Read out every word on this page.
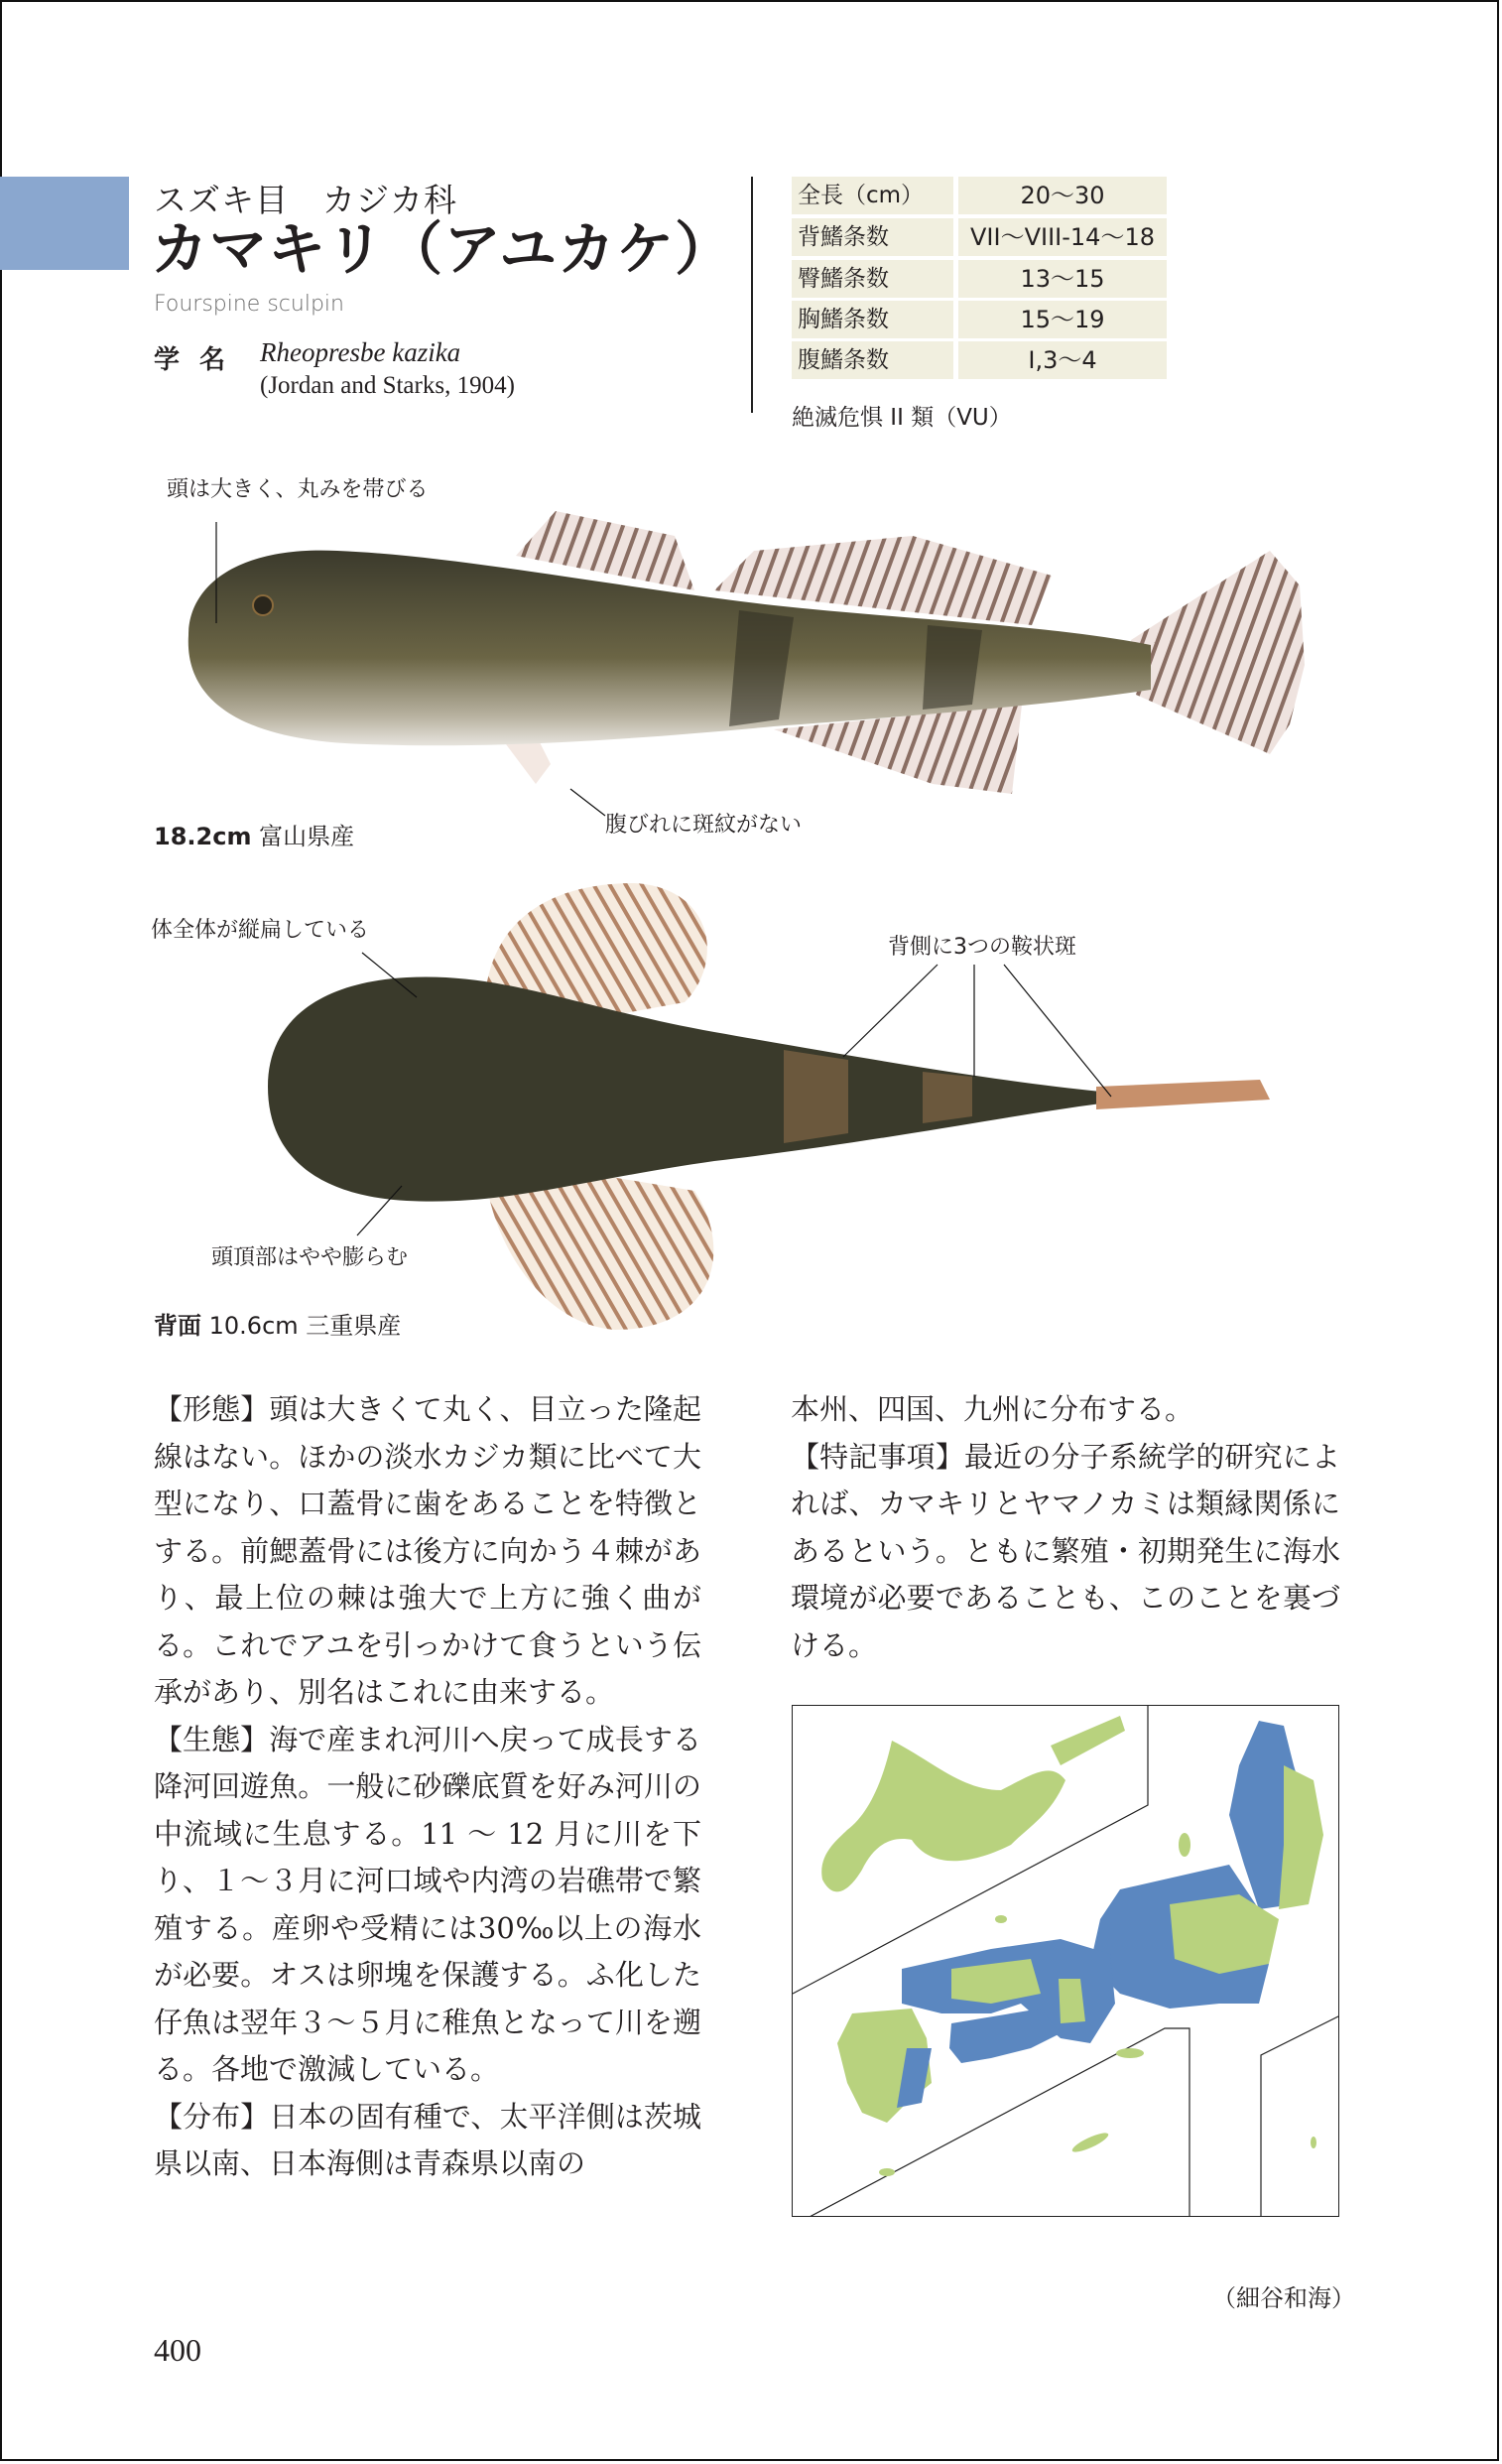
スズキ目　カジカ科
カマキリ（アユカケ）
Fourspine sculpin
学名 Rheopresbe kazika
(Jordan and Starks, 1904)
全長（cm）	20〜30
背鰭条数	VII〜VIII-14〜18
臀鰭条数	13〜15
胸鰭条数	15〜19
腹鰭条数	I,3〜4
絶滅危惧 II 類（VU）
頭は大きく、丸みを帯びる
腹びれに斑紋がない
18.2cm 富山県産
体全体が縦扁している
背側に3つの鞍状斑
頭頂部はやや膨らむ
背面 10.6cm 三重県産
【形態】頭は大きくて丸く、目立った隆起線はない。ほかの淡水カジカ類に比べて大型になり、口蓋骨に歯をあることを特徴とする。前鰓蓋骨には後方に向かう４棘があり、最上位の棘は強大で上方に強く曲がる。これでアユを引っかけて食うという伝承があり、別名はこれに由来する。
【生態】海で産まれ河川へ戻って成長する降河回遊魚。一般に砂礫底質を好み河川の中流域に生息する。11 〜 12 月に川を下り、１〜３月に河口域や内湾の岩礁帯で繁殖する。産卵や受精には30‰以上の海水が必要。オスは卵塊を保護する。ふ化した仔魚は翌年３〜５月に稚魚となって川を遡る。各地で激減している。
【分布】日本の固有種で、太平洋側は茨城県以南、日本海側は青森県以南の
本州、四国、九州に分布する。
【特記事項】最近の分子系統学的研究によれば、カマキリとヤマノカミは類縁関係にあるという。ともに繁殖・初期発生に海水環境が必要であることも、このことを裏づける。
（細谷和海）
400
